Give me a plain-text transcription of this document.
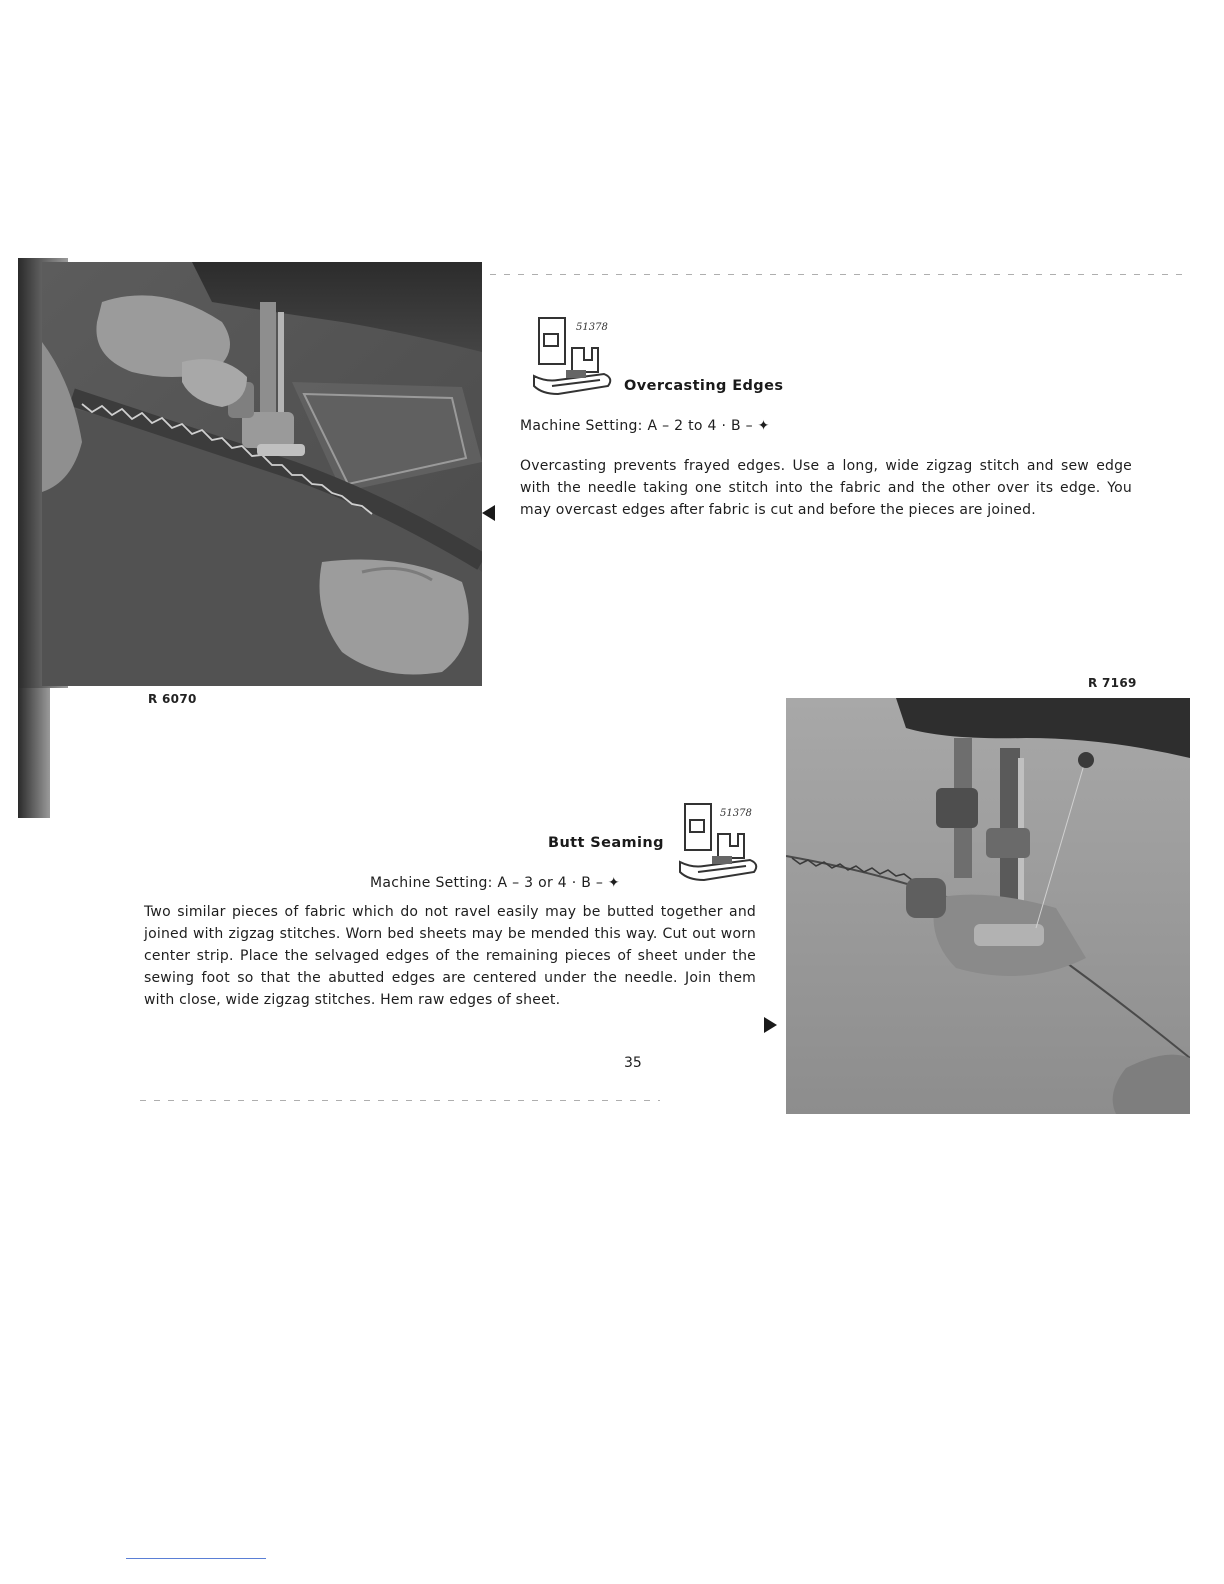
R 6070
51378
Overcasting Edges
Machine Setting: A – 2 to 4 · B – ✦
Overcasting prevents frayed edges. Use a long, wide zigzag stitch and sew edge with the needle taking one stitch into the fabric and the other over its edge. You may overcast edges after fabric is cut and before the pieces are joined.
R 7169
51378
Butt Seaming
Machine Setting: A – 3 or 4 · B – ✦
Two similar pieces of fabric which do not ravel easily may be butted together and joined with zigzag stitches. Worn bed sheets may be mended this way. Cut out worn center strip. Place the selvaged edges of the remaining pieces of sheet under the sewing foot so that the abutted edges are centered under the needle. Join them with close, wide zigzag stitches. Hem raw edges of sheet.
35
